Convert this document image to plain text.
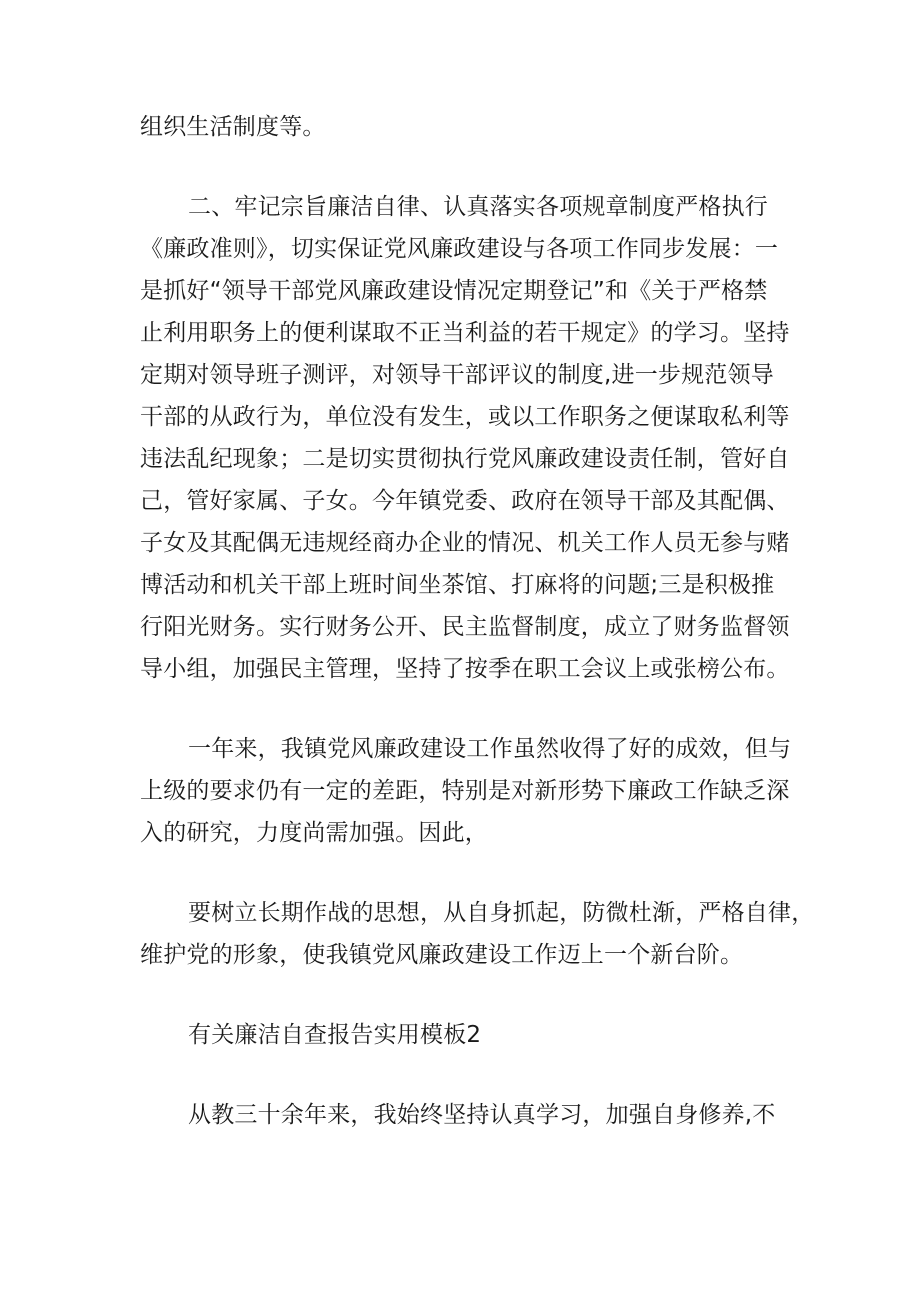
组织生活制度等。
二、牢记宗旨廉洁自律、认真落实各项规章制度严格执行
《廉政准则》，切实保证党风廉政建设与各项工作同步发展：一
是抓好“领导干部党风廉政建设情况定期登记”和《关于严格禁
止利用职务上的便利谋取不正当利益的若干规定》的学习。坚持
定期对领导班子测评，对领导干部评议的制度,进一步规范领导
干部的从政行为，单位没有发生，或以工作职务之便谋取私利等
违法乱纪现象；二是切实贯彻执行党风廉政建设责任制，管好自
己，管好家属、子女。今年镇党委、政府在领导干部及其配偶、
子女及其配偶无违规经商办企业的情况、机关工作人员无参与赌
博活动和机关干部上班时间坐茶馆、打麻将的问题;三是积极推
行阳光财务。实行财务公开、民主监督制度，成立了财务监督领
导小组，加强民主管理，坚持了按季在职工会议上或张榜公布。
一年来，我镇党风廉政建设工作虽然收得了好的成效，但与
上级的要求仍有一定的差距，特别是对新形势下廉政工作缺乏深
入的研究，力度尚需加强。因此，
要树立长期作战的思想，从自身抓起，防微杜渐，严格自律，
维护党的形象，使我镇党风廉政建设工作迈上一个新台阶。
有关廉洁自查报告实用模板2
从教三十余年来，我始终坚持认真学习，加强自身修养,不
